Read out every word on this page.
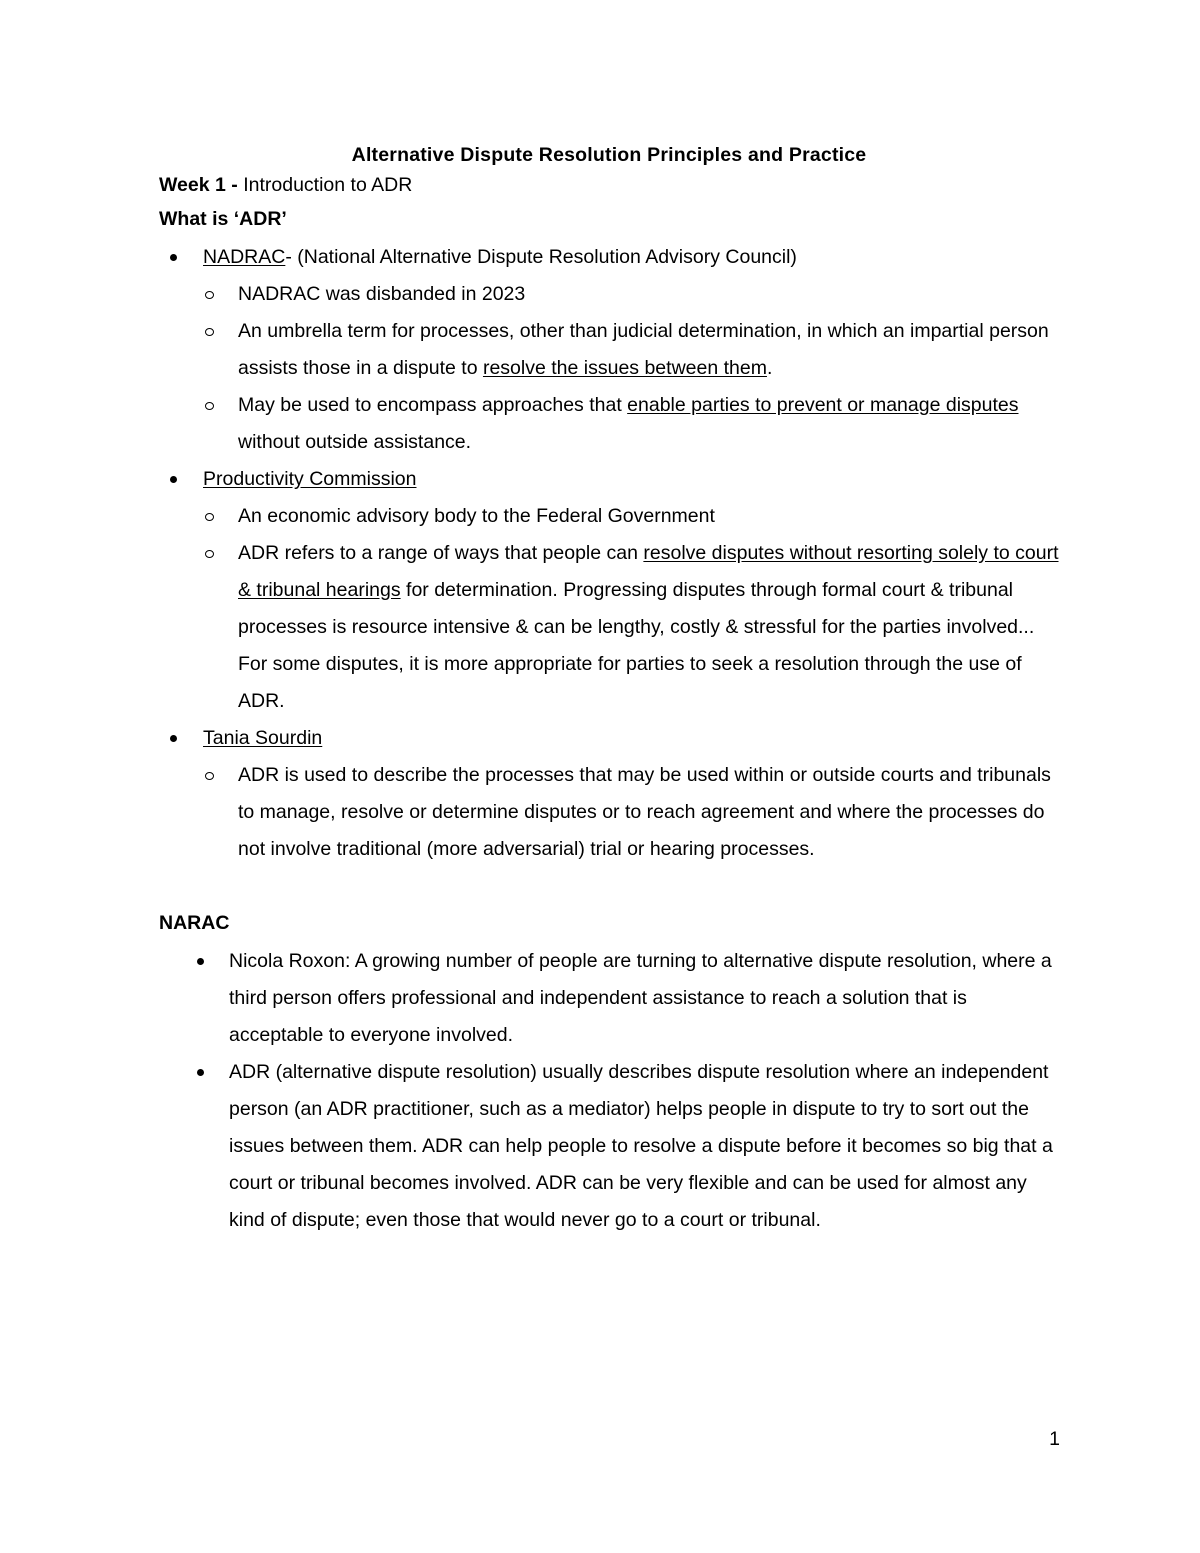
Alternative Dispute Resolution Principles and Practice

Week 1 - Introduction to ADR

What is ‘ADR’

NADRAC- (National Alternative Dispute Resolution Advisory Council)
NADRAC was disbanded in 2023
An umbrella term for processes, other than judicial determination, in which an impartial person assists those in a dispute to resolve the issues between them.
May be used to encompass approaches that enable parties to prevent or manage disputes without outside assistance.
Productivity Commission
An economic advisory body to the Federal Government
ADR refers to a range of ways that people can resolve disputes without resorting solely to court & tribunal hearings for determination. Progressing disputes through formal court & tribunal processes is resource intensive & can be lengthy, costly & stressful for the parties involved... For some disputes, it is more appropriate for parties to seek a resolution through the use of ADR.
Tania Sourdin
ADR is used to describe the processes that may be used within or outside courts and tribunals to manage, resolve or determine disputes or to reach agreement and where the processes do not involve traditional (more adversarial) trial or hearing processes.

NARAC

Nicola Roxon: A growing number of people are turning to alternative dispute resolution, where a third person offers professional and independent assistance to reach a solution that is acceptable to everyone involved.
ADR (alternative dispute resolution) usually describes dispute resolution where an independent person (an ADR practitioner, such as a mediator) helps people in dispute to try to sort out the issues between them. ADR can help people to resolve a dispute before it becomes so big that a court or tribunal becomes involved. ADR can be very flexible and can be used for almost any kind of dispute; even those that would never go to a court or tribunal.
1
